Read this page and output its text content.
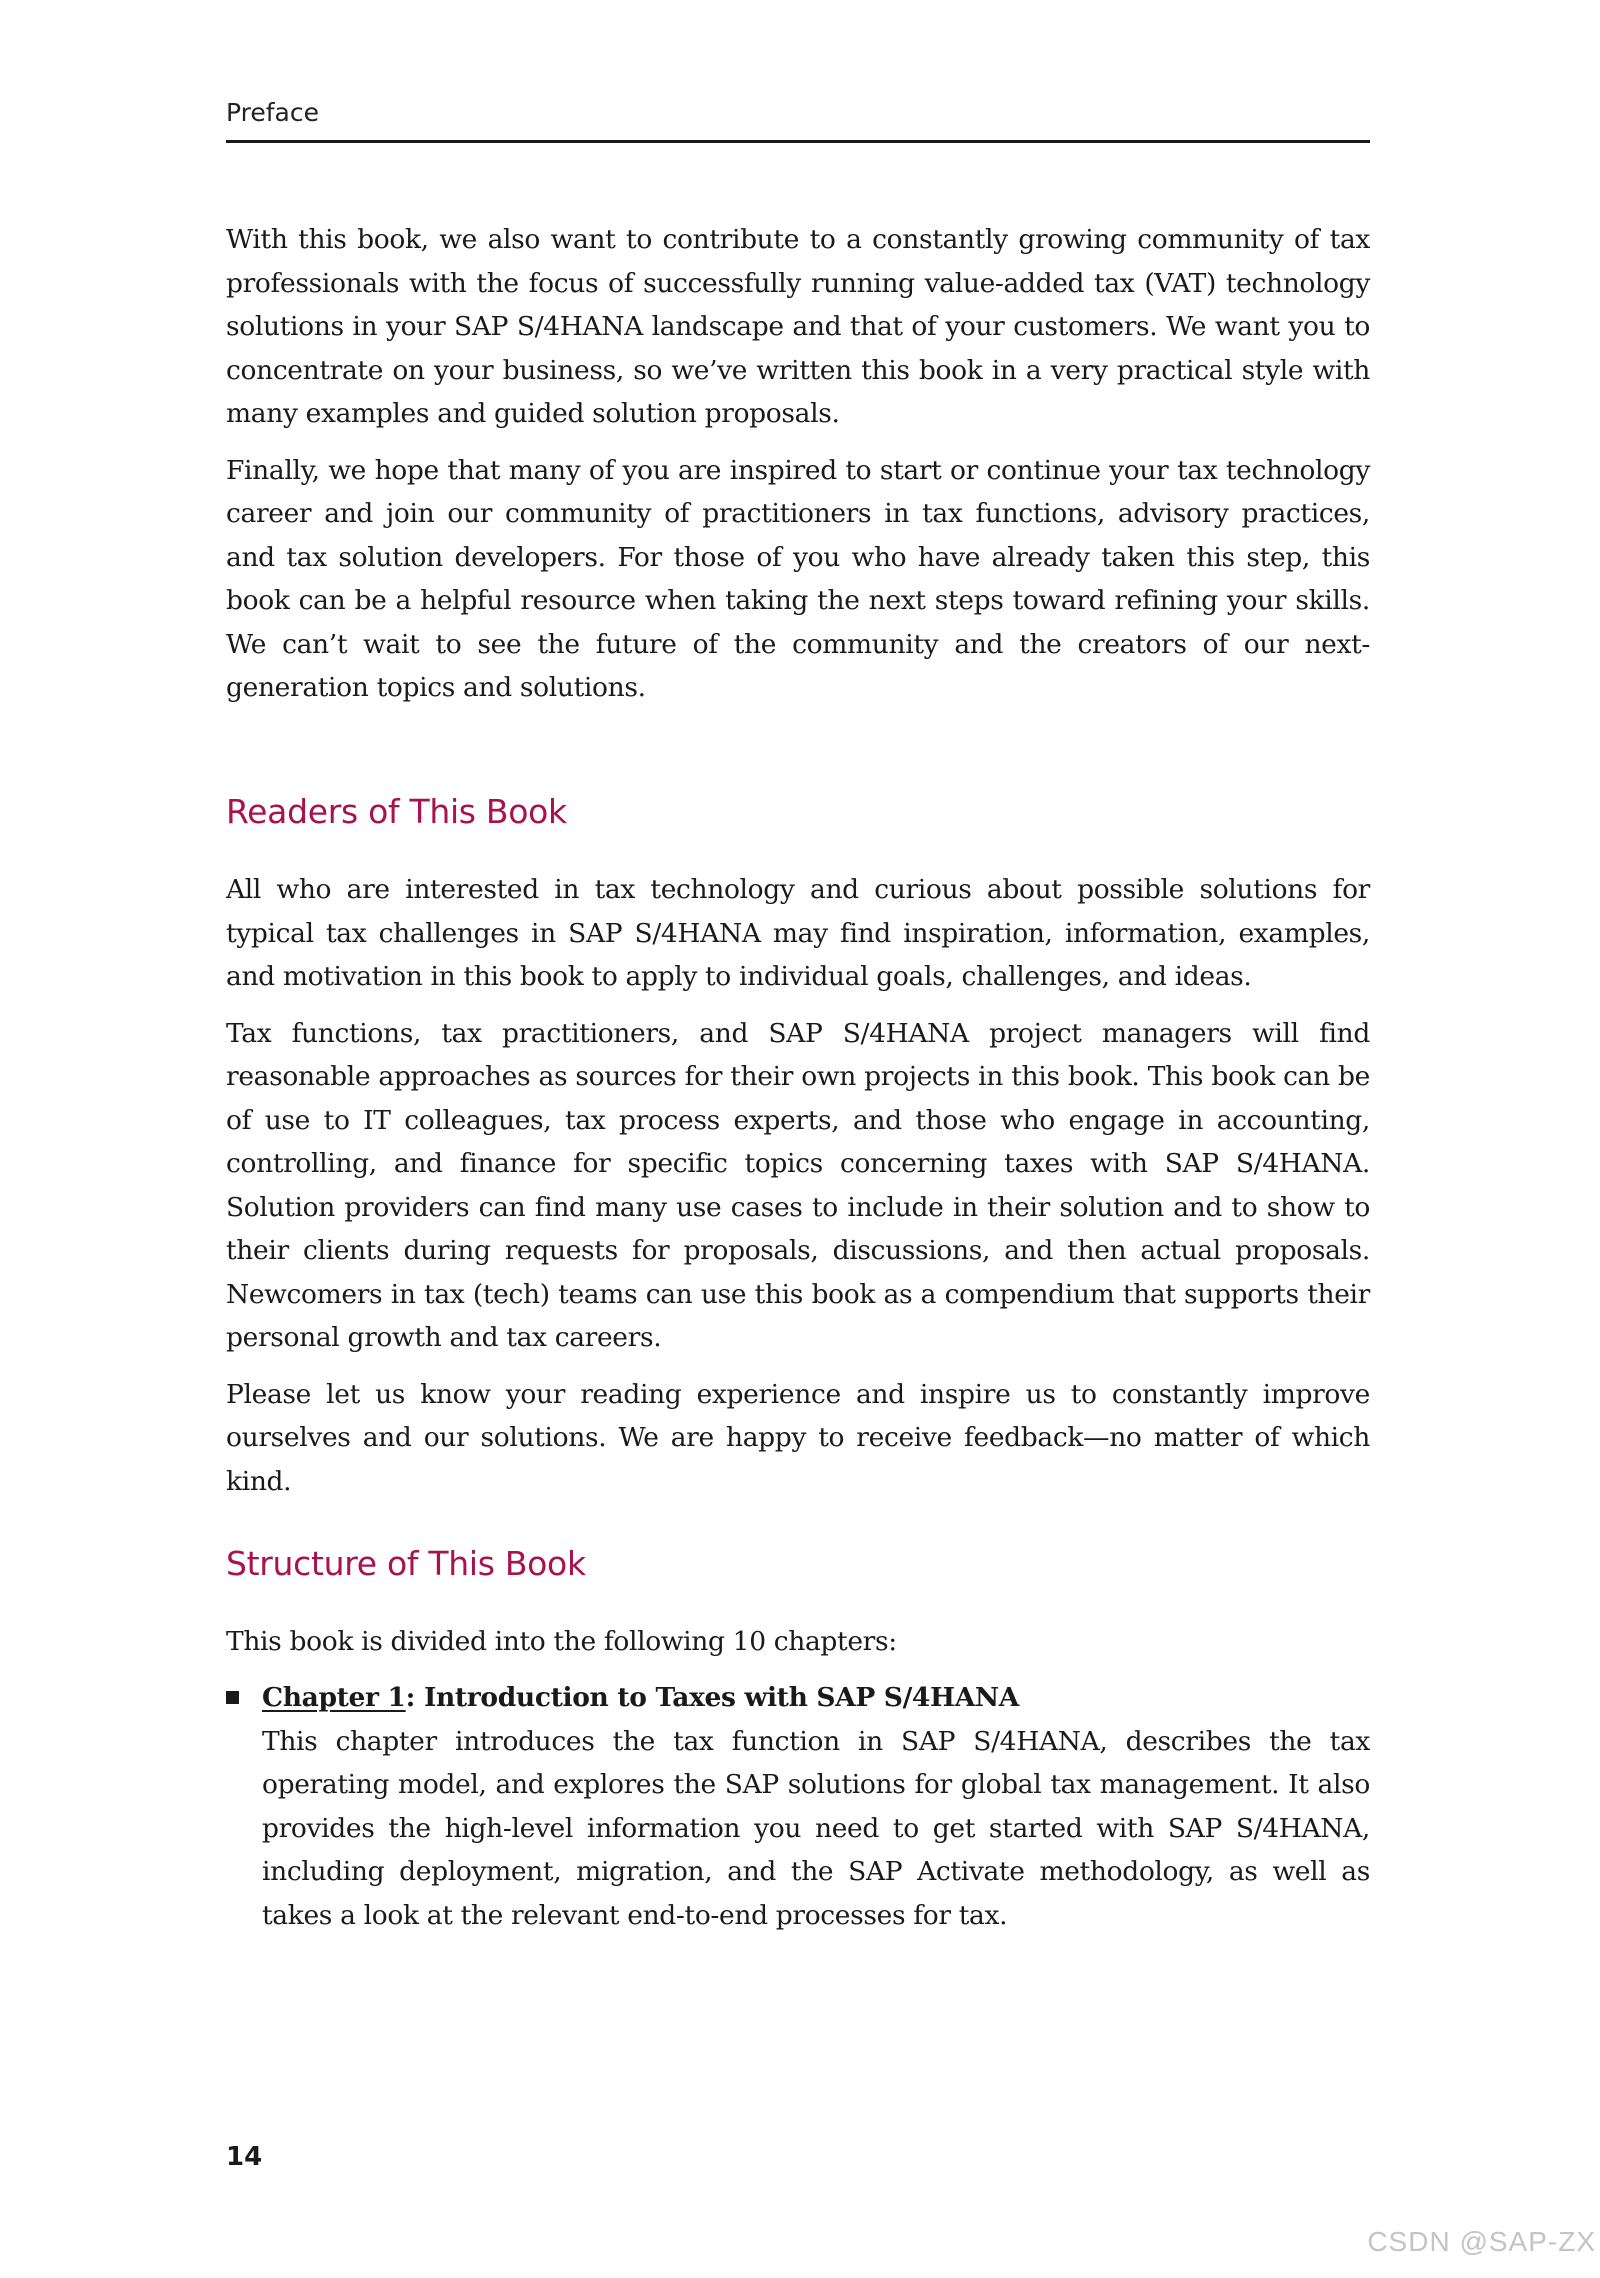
Preface

With this book, we also want to contribute to a constantly growing community of tax professionals with the focus of successfully running value-added tax (VAT) technology solutions in your SAP S/4HANA landscape and that of your customers. We want you to concentrate on your business, so we’ve written this book in a very practical style with many examples and guided solution proposals.

Finally, we hope that many of you are inspired to start or continue your tax technology career and join our community of practitioners in tax functions, advisory practices, and tax solution developers. For those of you who have already taken this step, this book can be a helpful resource when taking the next steps toward refining your skills. We can’t wait to see the future of the community and the creators of our next-generation topics and solutions.

Readers of This Book

All who are interested in tax technology and curious about possible solutions for typical tax challenges in SAP S/4HANA may find inspiration, information, examples, and motivation in this book to apply to individual goals, challenges, and ideas.

Tax functions, tax practitioners, and SAP S/4HANA project managers will find reasonable approaches as sources for their own projects in this book. This book can be of use to IT colleagues, tax process experts, and those who engage in accounting, controlling, and finance for specific topics concerning taxes with SAP S/4HANA. Solution providers can find many use cases to include in their solution and to show to their clients during requests for proposals, discussions, and then actual proposals. Newcomers in tax (tech) teams can use this book as a compendium that supports their personal growth and tax careers.

Please let us know your reading experience and inspire us to constantly improve ourselves and our solutions. We are happy to receive feedback—no matter of which kind.

Structure of This Book

This book is divided into the following 10 chapters:

Chapter 1: Introduction to Taxes with SAP S/4HANA
This chapter introduces the tax function in SAP S/4HANA, describes the tax operating model, and explores the SAP solutions for global tax management. It also provides the high-level information you need to get started with SAP S/4HANA, including deployment, migration, and the SAP Activate methodology, as well as takes a look at the relevant end-to-end processes for tax.
14
CSDN @SAP-ZX
